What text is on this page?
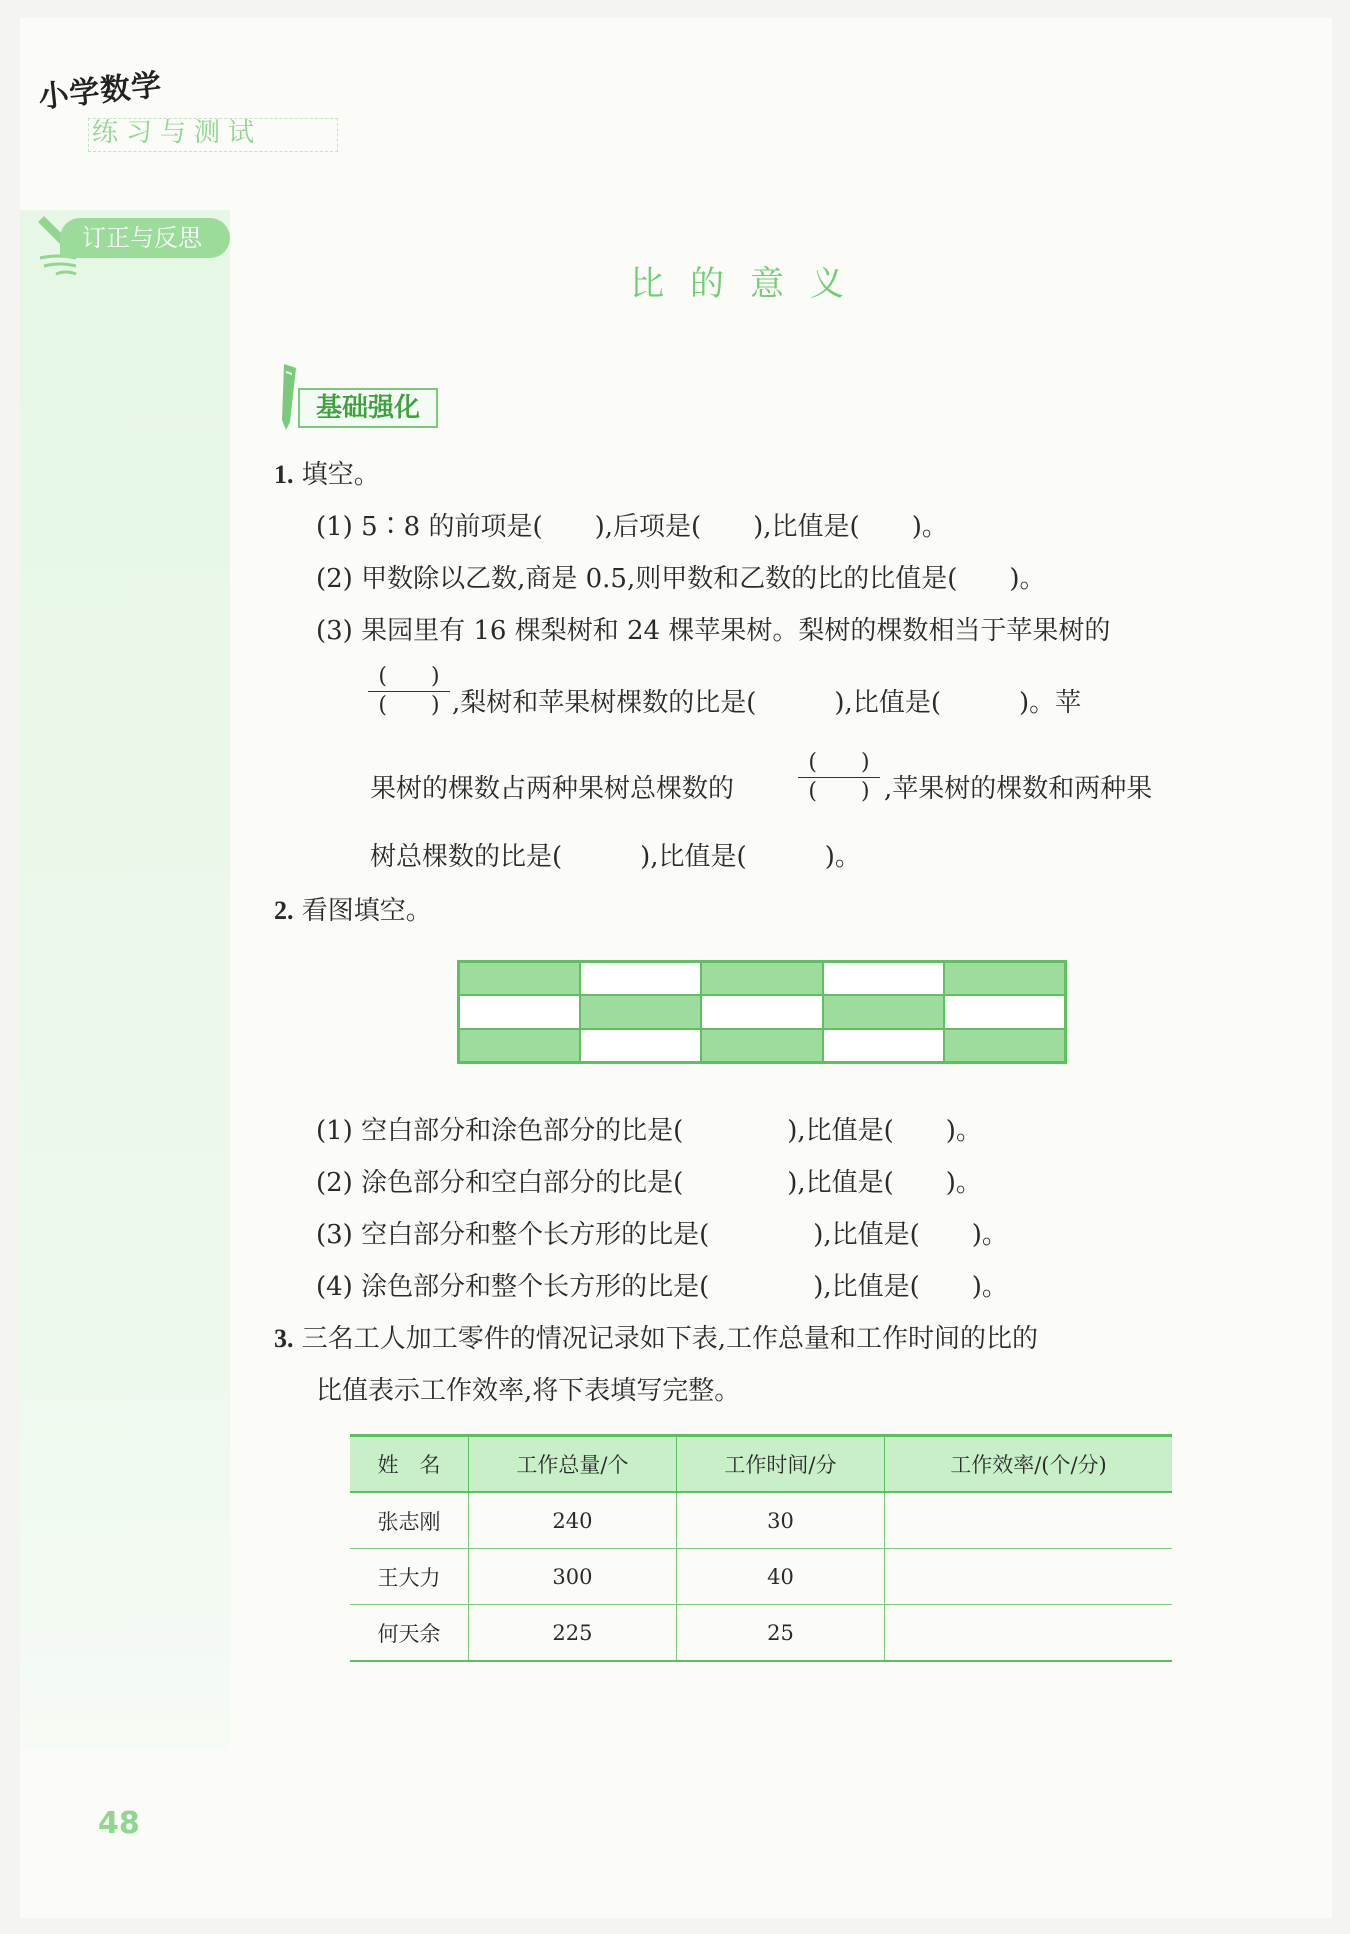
小学数学
练习与测试
订正与反思
比的意义
基础强化
1. 填空。
(1) 5∶8 的前项是(　　),后项是(　　),比值是(　　)。
(2) 甲数除以乙数,商是 0.5,则甲数和乙数的比的比值是(　　)。
(3) 果园里有 16 棵梨树和 24 棵苹果树。梨树的棵数相当于苹果树的
(　　)
(　　) ,梨树和苹果树棵数的比是(　　　),比值是(　　　)。苹
果树的棵数占两种果树总棵数的
(　　)
(　　) ,苹果树的棵数和两种果
树总棵数的比是(　　　),比值是(　　　)。
2. 看图填空。
(1) 空白部分和涂色部分的比是(　　　　),比值是(　　)。
(2) 涂色部分和空白部分的比是(　　　　),比值是(　　)。
(3) 空白部分和整个长方形的比是(　　　　),比值是(　　)。
(4) 涂色部分和整个长方形的比是(　　　　),比值是(　　)。
3. 三名工人加工零件的情况记录如下表,工作总量和工作时间的比的
比值表示工作效率,将下表填写完整。
姓　名	工作总量/个	工作时间/分	工作效率/(个/分)
张志刚	240	30	
王大力	300	40	
何天余	225	25	
48
